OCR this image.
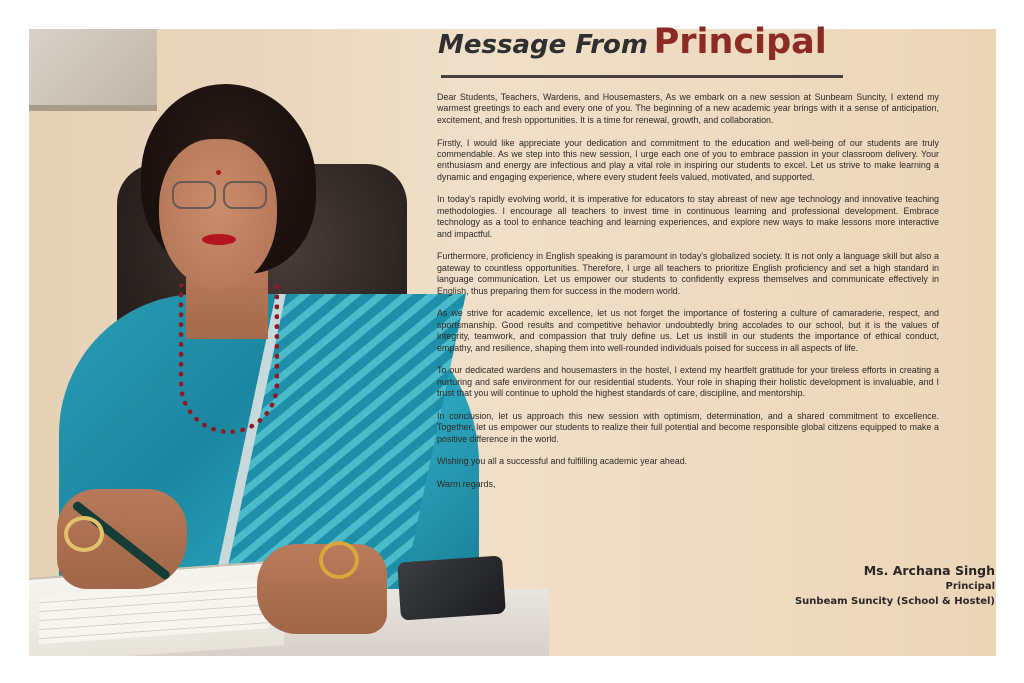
Message From Principal

Dear Students, Teachers, Wardens, and Housemasters, As we embark on a new session at Sunbeam Suncity, I extend my warmest greetings to each and every one of you. The beginning of a new academic year brings with it a sense of anticipation, excitement, and fresh opportunities. It is a time for renewal, growth, and collaboration.

Firstly, I would like appreciate your dedication and commitment to the education and well-being of our students are truly commendable. As we step into this new session, I urge each one of you to embrace passion in your classroom delivery. Your enthusiasm and energy are infectious and play a vital role in inspiring our students to excel. Let us strive to make learning a dynamic and engaging experience, where every student feels valued, motivated, and supported.

In today's rapidly evolving world, it is imperative for educators to stay abreast of new age technology and innovative teaching methodologies. I encourage all teachers to invest time in continuous learning and professional development. Embrace technology as a tool to enhance teaching and learning experiences, and explore new ways to make lessons more interactive and impactful.

Furthermore, proficiency in English speaking is paramount in today's globalized society. It is not only a language skill but also a gateway to countless opportunities. Therefore, I urge all teachers to prioritize English proficiency and set a high standard in language communication. Let us empower our students to confidently express themselves and communicate effectively in English, thus preparing them for success in the modern world.

As we strive for academic excellence, let us not forget the importance of fostering a culture of camaraderie, respect, and sportsmanship. Good results and competitive behavior undoubtedly bring accolades to our school, but it is the values of integrity, teamwork, and compassion that truly define us. Let us instill in our students the importance of ethical conduct, empathy, and resilience, shaping them into well-rounded individuals poised for success in all aspects of life.

To our dedicated wardens and housemasters in the hostel, I extend my heartfelt gratitude for your tireless efforts in creating a nurturing and safe environment for our residential students. Your role in shaping their holistic development is invaluable, and I trust that you will continue to uphold the highest standards of care, discipline, and mentorship.

In conclusion, let us approach this new session with optimism, determination, and a shared commitment to excellence. Together, let us empower our students to realize their full potential and become responsible global citizens equipped to make a positive difference in the world.

Wishing you all a successful and fulfilling academic year ahead.

Warm regards,

Ms. Archana Singh
Principal
Sunbeam Suncity (School & Hostel)
